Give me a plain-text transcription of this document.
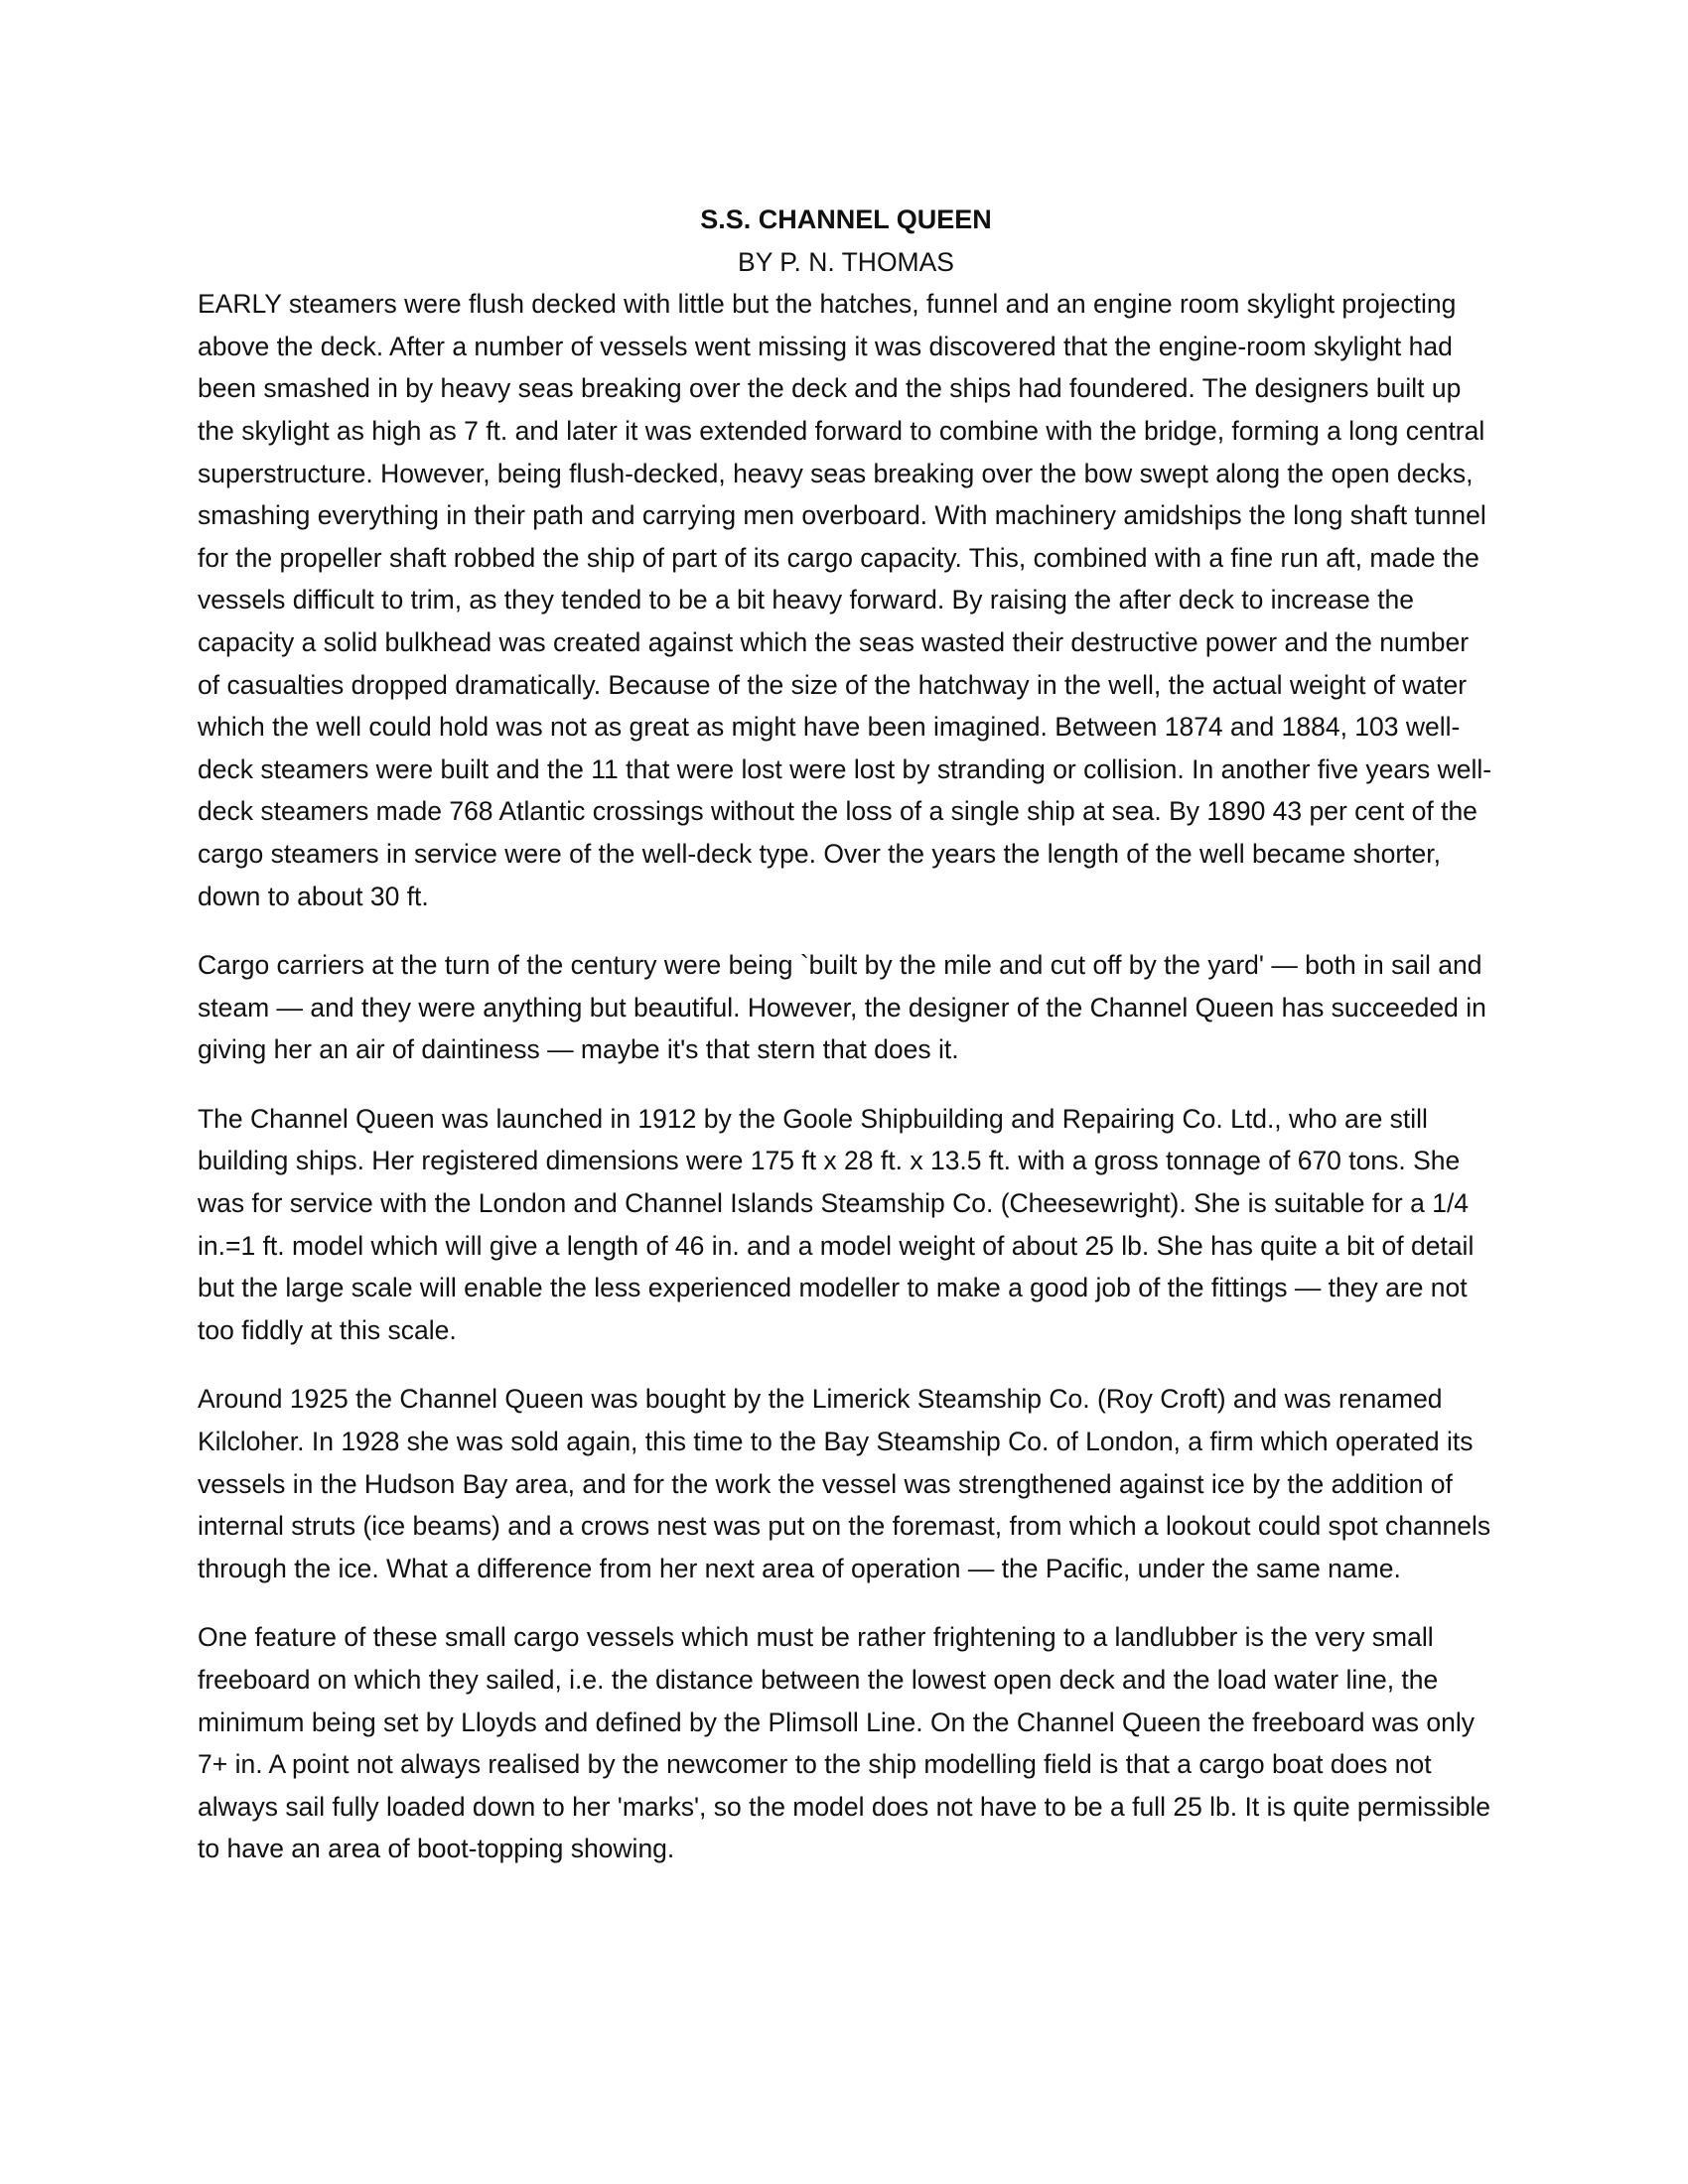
S.S. CHANNEL QUEEN

BY P. N. THOMAS

EARLY steamers were flush decked with little but the hatches, funnel and an engine room skylight projecting above the deck. After a number of vessels went missing it was discovered that the engine-room skylight had been smashed in by heavy seas breaking over the deck and the ships had foundered. The designers built up the skylight as high as 7 ft. and later it was extended forward to combine with the bridge, forming a long central superstructure. However, being flush-decked, heavy seas breaking over the bow swept along the open decks, smashing everything in their path and carrying men overboard. With machinery amidships the long shaft tunnel for the propeller shaft robbed the ship of part of its cargo capacity. This, combined with a fine run aft, made the vessels difficult to trim, as they tended to be a bit heavy forward. By raising the after deck to increase the capacity a solid bulkhead was created against which the seas wasted their destructive power and the number of casualties dropped dramatically. Because of the size of the hatchway in the well, the actual weight of water which the well could hold was not as great as might have been imagined. Between 1874 and 1884, 103 well-deck steamers were built and the 11 that were lost were lost by stranding or collision. In another five years well-deck steamers made 768 Atlantic crossings without the loss of a single ship at sea. By 1890 43 per cent of the cargo steamers in service were of the well-deck type. Over the years the length of the well became shorter, down to about 30 ft.

Cargo carriers at the turn of the century were being `built by the mile and cut off by the yard' — both in sail and steam — and they were anything but beautiful. However, the designer of the Channel Queen has succeeded in giving her an air of daintiness — maybe it's that stern that does it.

The Channel Queen was launched in 1912 by the Goole Shipbuilding and Repairing Co. Ltd., who are still building ships. Her registered dimensions were 175 ft x 28 ft. x 13.5 ft. with a gross tonnage of 670 tons. She was for service with the London and Channel Islands Steamship Co. (Cheesewright). She is suitable for a 1/4 in.=1 ft. model which will give a length of 46 in. and a model weight of about 25 lb. She has quite a bit of detail but the large scale will enable the less experienced modeller to make a good job of the fittings — they are not too fiddly at this scale.

Around 1925 the Channel Queen was bought by the Limerick Steamship Co. (Roy Croft) and was renamed Kilcloher. In 1928 she was sold again, this time to the Bay Steamship Co. of London, a firm which operated its vessels in the Hudson Bay area, and for the work the vessel was strengthened against ice by the addition of internal struts (ice beams) and a crows nest was put on the foremast, from which a lookout could spot channels through the ice. What a difference from her next area of operation — the Pacific, under the same name.

One feature of these small cargo vessels which must be rather frightening to a landlubber is the very small freeboard on which they sailed, i.e. the distance between the lowest open deck and the load water line, the minimum being set by Lloyds and defined by the Plimsoll Line. On the Channel Queen the freeboard was only 7+ in. A point not always realised by the newcomer to the ship modelling field is that a cargo boat does not always sail fully loaded down to her 'marks', so the model does not have to be a full 25 lb. It is quite permissible to have an area of boot-topping showing.
